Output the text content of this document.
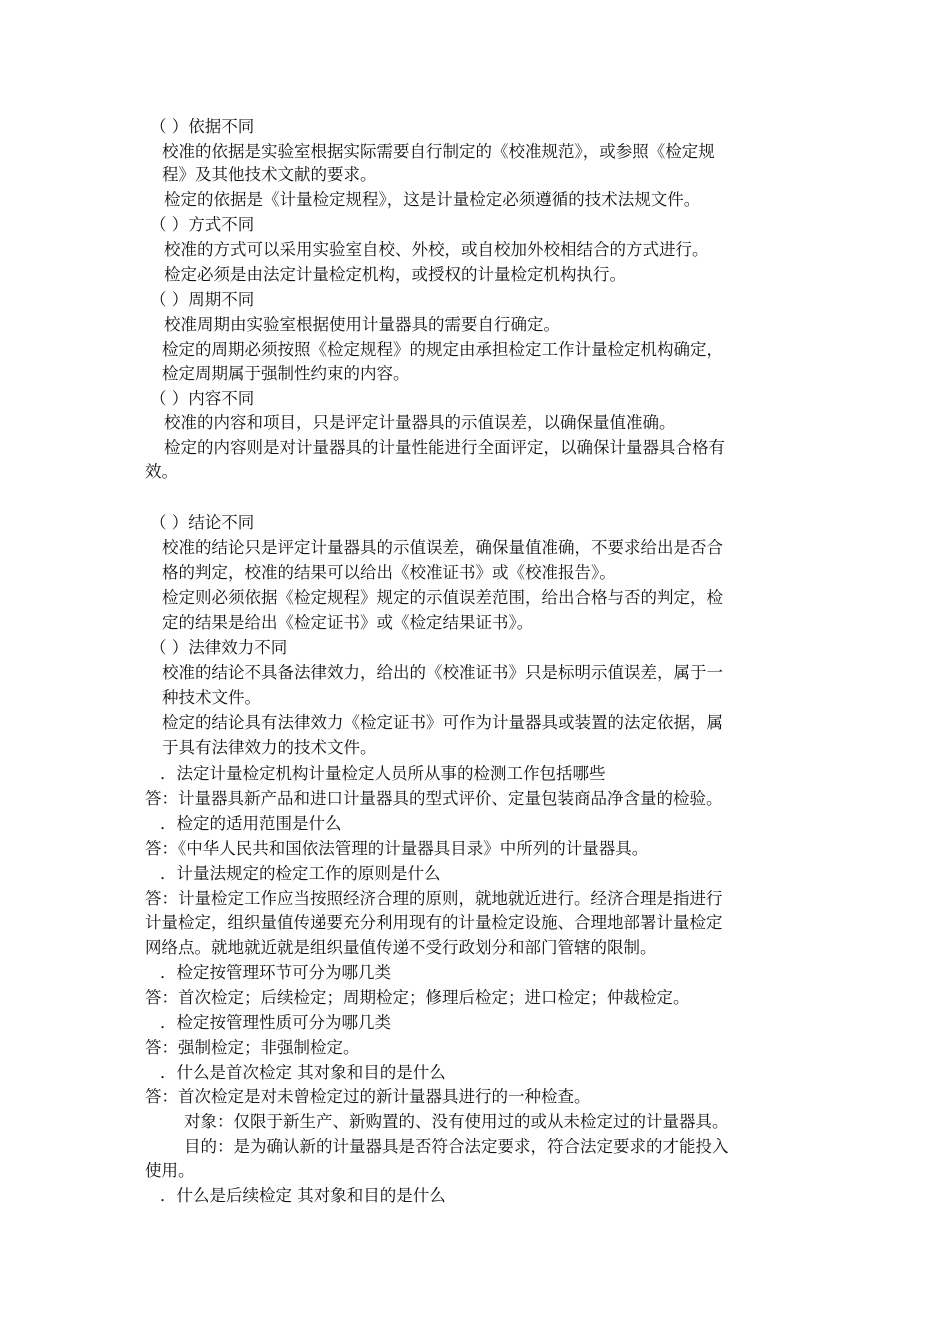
（ ）依据不同
校准的依据是实验室根据实际需要自行制定的《校准规范》，或参照《检定规
程》及其他技术文献的要求。
检定的依据是《计量检定规程》，这是计量检定必须遵循的技术法规文件。
（ ）方式不同
校准的方式可以采用实验室自校、外校，或自校加外校相结合的方式进行。
检定必须是由法定计量检定机构，或授权的计量检定机构执行。
（ ）周期不同
校准周期由实验室根据使用计量器具的需要自行确定。
检定的周期必须按照《检定规程》的规定由承担检定工作计量检定机构确定，
检定周期属于强制性约束的内容。
（ ）内容不同
校准的内容和项目，只是评定计量器具的示值误差，以确保量值准确。
检定的内容则是对计量器具的计量性能进行全面评定，以确保计量器具合格有
效。
（ ）结论不同
校准的结论只是评定计量器具的示值误差，确保量值准确，不要求给出是否合
格的判定，校准的结果可以给出《校准证书》或《校准报告》。
检定则必须依据《检定规程》规定的示值误差范围，给出合格与否的判定，检
定的结果是给出《检定证书》或《检定结果证书》。
（ ）法律效力不同
校准的结论不具备法律效力，给出的《校准证书》只是标明示值误差，属于一
种技术文件。
检定的结论具有法律效力《检定证书》可作为计量器具或装置的法定依据，属
于具有法律效力的技术文件。
．法定计量检定机构计量检定人员所从事的检测工作包括哪些
答：计量器具新产品和进口计量器具的型式评价、定量包装商品净含量的检验。
．检定的适用范围是什么
答：《中华人民共和国依法管理的计量器具目录》中所列的计量器具。
．计量法规定的检定工作的原则是什么
答：计量检定工作应当按照经济合理的原则，就地就近进行。经济合理是指进行
计量检定，组织量值传递要充分利用现有的计量检定设施、合理地部署计量检定
网络点。就地就近就是组织量值传递不受行政划分和部门管辖的限制。
．检定按管理环节可分为哪几类
答：首次检定；后续检定；周期检定；修理后检定；进口检定；仲裁检定。
．检定按管理性质可分为哪几类
答：强制检定；非强制检定。
．什么是首次检定 其对象和目的是什么
答：首次检定是对未曾检定过的新计量器具进行的一种检查。
对象：仅限于新生产、新购置的、没有使用过的或从未检定过的计量器具。
目的：是为确认新的计量器具是否符合法定要求，符合法定要求的才能投入
使用。
．什么是后续检定 其对象和目的是什么
